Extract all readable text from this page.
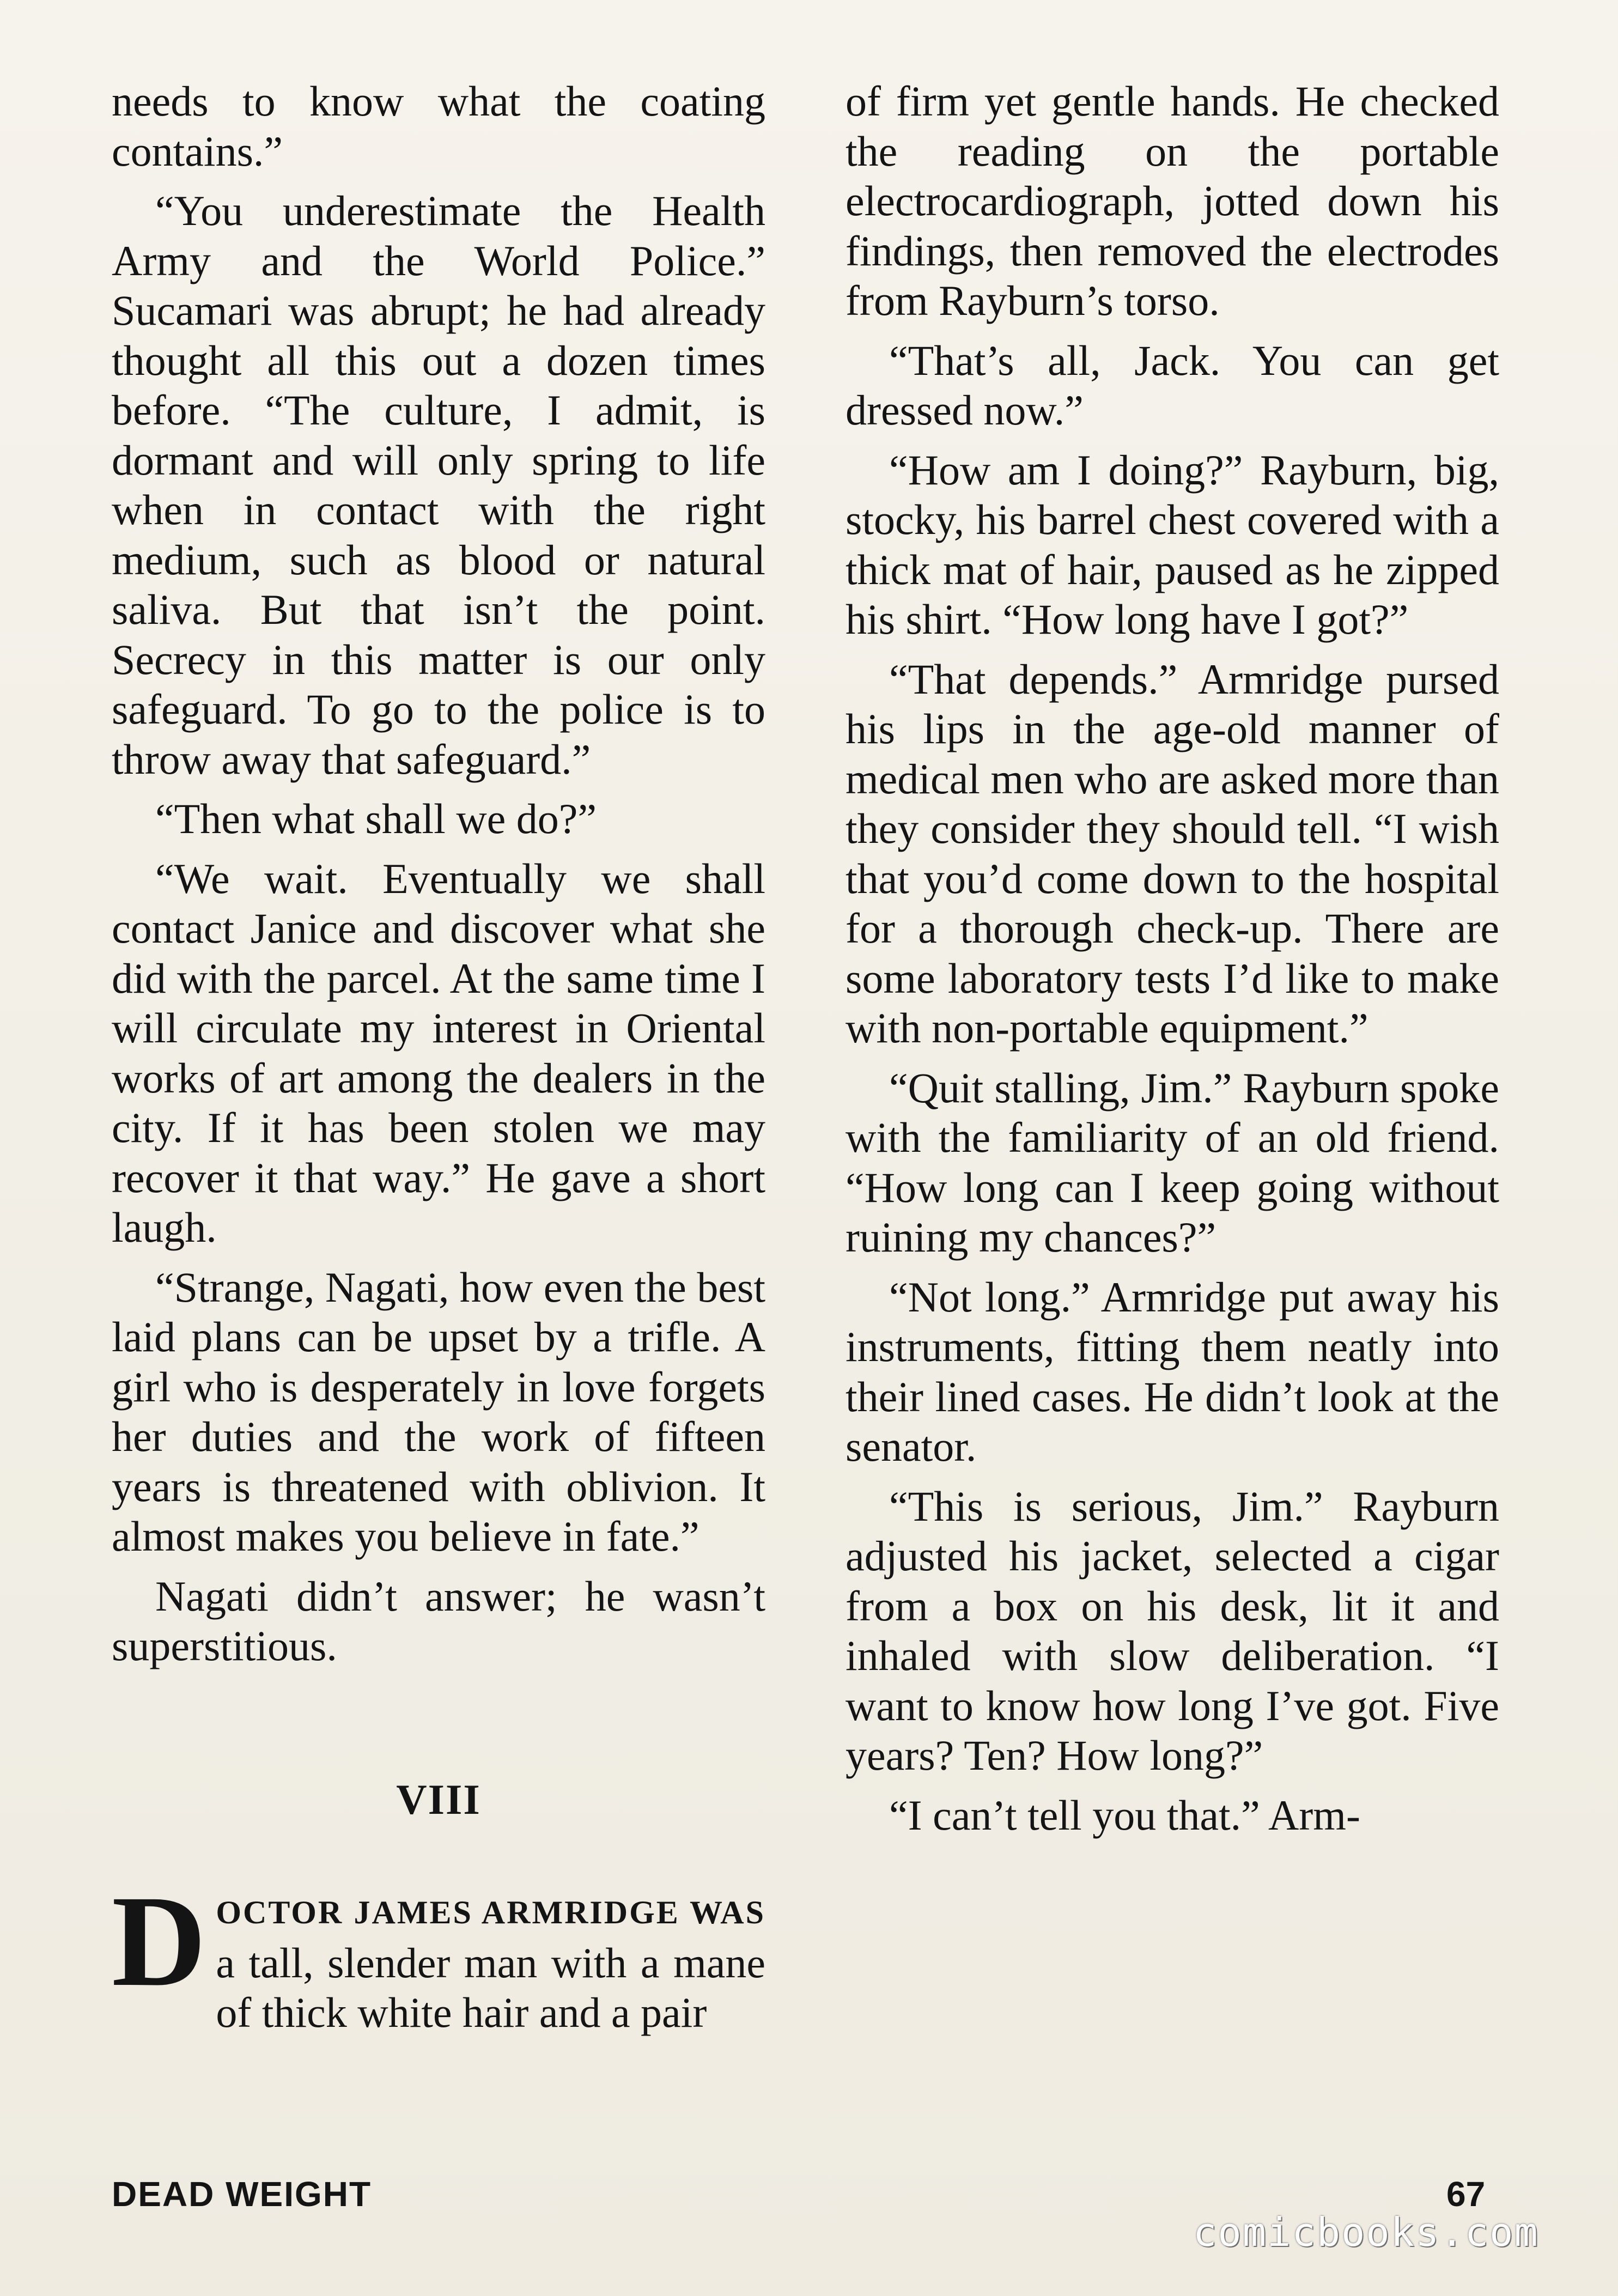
needs to know what the coating contains.”

“You underestimate the Health Army and the World Police.” Sucamari was abrupt; he had already thought all this out a dozen times before. “The culture, I admit, is dormant and will only spring to life when in contact with the right medium, such as blood or natural saliva. But that isn’t the point. Secrecy in this matter is our only safeguard. To go to the police is to throw away that safeguard.”

“Then what shall we do?”

“We wait. Eventually we shall contact Janice and discover what she did with the parcel. At the same time I will circulate my interest in Oriental works of art among the dealers in the city. If it has been stolen we may recover it that way.” He gave a short laugh.

“Strange, Nagati, how even the best laid plans can be upset by a trifle. A girl who is desperately in love forgets her duties and the work of fifteen years is threatened with oblivion. It almost makes you believe in fate.”

Nagati didn’t answer; he wasn’t superstitious.

VIII

DOCTOR JAMES ARMRIDGE WAS a tall, slender man with a mane of thick white hair and a pair

of firm yet gentle hands. He checked the reading on the portable electrocardiograph, jotted down his findings, then removed the electrodes from Rayburn’s torso.

“That’s all, Jack. You can get dressed now.”

“How am I doing?” Rayburn, big, stocky, his barrel chest covered with a thick mat of hair, paused as he zipped his shirt. “How long have I got?”

“That depends.” Armridge pursed his lips in the age-old manner of medical men who are asked more than they consider they should tell. “I wish that you’d come down to the hospital for a thorough check-up. There are some laboratory tests I’d like to make with non-portable equipment.”

“Quit stalling, Jim.” Rayburn spoke with the familiarity of an old friend. “How long can I keep going without ruining my chances?”

“Not long.” Armridge put away his instruments, fitting them neatly into their lined cases. He didn’t look at the senator.

“This is serious, Jim.” Rayburn adjusted his jacket, selected a cigar from a box on his desk, lit it and inhaled with slow deliberation. “I want to know how long I’ve got. Five years? Ten? How long?”

“I can’t tell you that.” Arm-

DEAD WEIGHT	67
comicbooks.com
